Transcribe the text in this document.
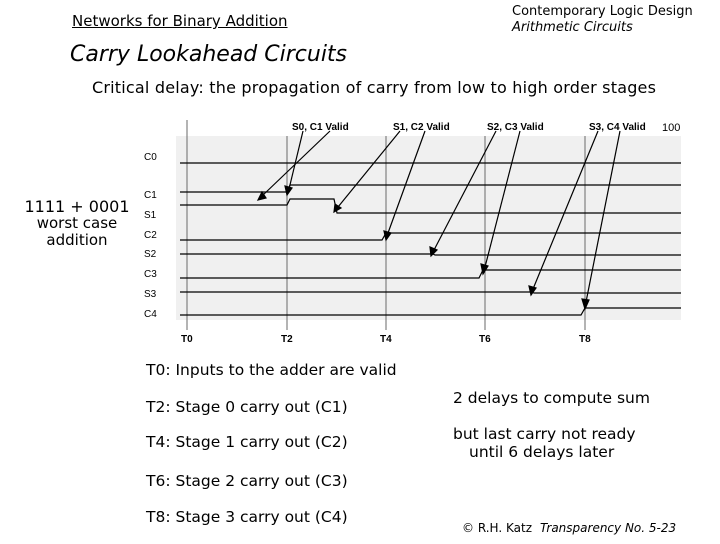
Networks for Binary Addition
Contemporary Logic Design
Arithmetic Circuits
Carry Lookahead Circuits
Critical delay: the propagation of carry from low to high order stages
1111 + 0001
worst case
addition
S0, C1 Valid	S1, C2 Valid	S2, C3 Valid	S3, C4 Valid 100
C0
C1
S1
C2
S2
C3
S3
C4
T0	T2	T4	T6	T8
T0: Inputs to the adder are valid
T2: Stage 0 carry out (C1)
T4: Stage 1 carry out (C2)
T6: Stage 2 carry out (C3)
T8: Stage 3 carry out (C4)
2 delays to compute sum
but last carry not ready
until 6 delays later
© R.H. Katz Transparency No. 5-23
